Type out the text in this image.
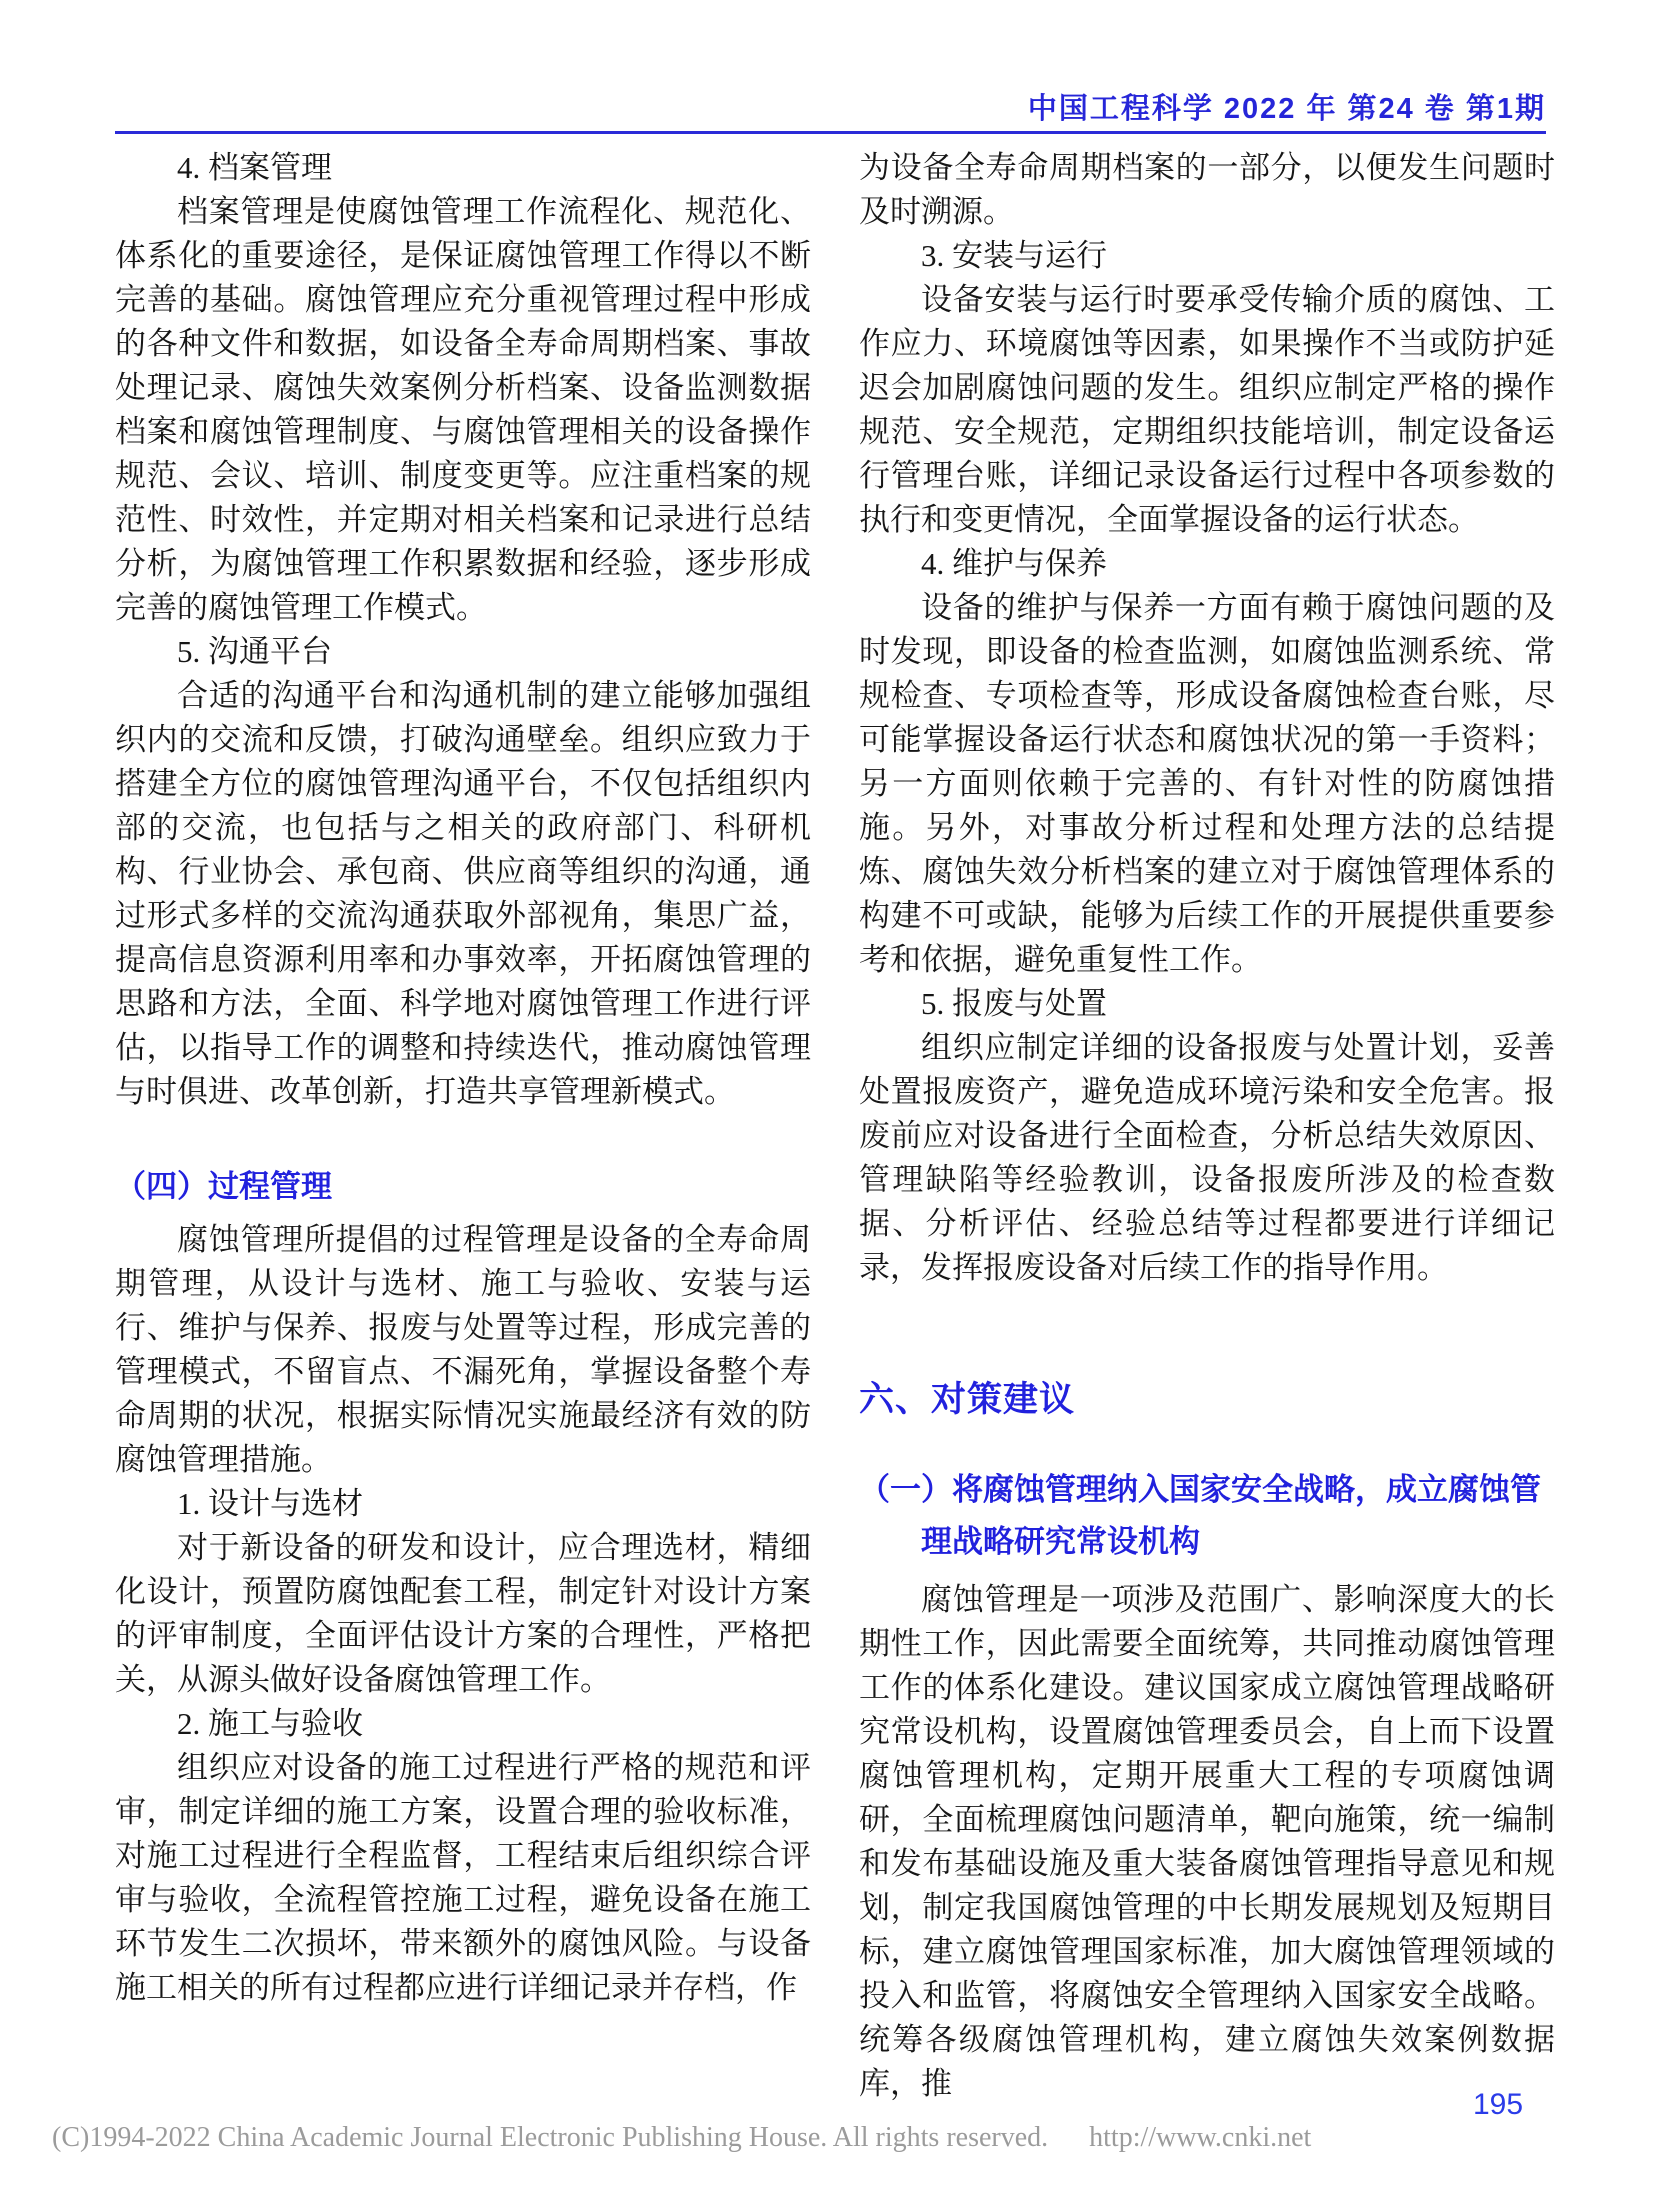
中国工程科学 2022 年 第24 卷 第1期
4. 档案管理

档案管理是使腐蚀管理工作流程化、规范化、体系化的重要途径，是保证腐蚀管理工作得以不断完善的基础。腐蚀管理应充分重视管理过程中形成的各种文件和数据，如设备全寿命周期档案、事故处理记录、腐蚀失效案例分析档案、设备监测数据档案和腐蚀管理制度、与腐蚀管理相关的设备操作规范、会议、培训、制度变更等。应注重档案的规范性、时效性，并定期对相关档案和记录进行总结分析，为腐蚀管理工作积累数据和经验，逐步形成完善的腐蚀管理工作模式。

5. 沟通平台

合适的沟通平台和沟通机制的建立能够加强组织内的交流和反馈，打破沟通壁垒。组织应致力于搭建全方位的腐蚀管理沟通平台，不仅包括组织内部的交流，也包括与之相关的政府部门、科研机构、行业协会、承包商、供应商等组织的沟通，通过形式多样的交流沟通获取外部视角，集思广益，提高信息资源利用率和办事效率，开拓腐蚀管理的思路和方法，全面、科学地对腐蚀管理工作进行评估，以指导工作的调整和持续迭代，推动腐蚀管理与时俱进、改革创新，打造共享管理新模式。

（四）过程管理

腐蚀管理所提倡的过程管理是设备的全寿命周期管理，从设计与选材、施工与验收、安装与运行、维护与保养、报废与处置等过程，形成完善的管理模式，不留盲点、不漏死角，掌握设备整个寿命周期的状况，根据实际情况实施最经济有效的防腐蚀管理措施。

1. 设计与选材

对于新设备的研发和设计，应合理选材，精细化设计，预置防腐蚀配套工程，制定针对设计方案的评审制度，全面评估设计方案的合理性，严格把关，从源头做好设备腐蚀管理工作。

2. 施工与验收

组织应对设备的施工过程进行严格的规范和评审，制定详细的施工方案，设置合理的验收标准，对施工过程进行全程监督，工程结束后组织综合评审与验收，全流程管控施工过程，避免设备在施工环节发生二次损坏，带来额外的腐蚀风险。与设备施工相关的所有过程都应进行详细记录并存档，作

为设备全寿命周期档案的一部分，以便发生问题时及时溯源。

3. 安装与运行

设备安装与运行时要承受传输介质的腐蚀、工作应力、环境腐蚀等因素，如果操作不当或防护延迟会加剧腐蚀问题的发生。组织应制定严格的操作规范、安全规范，定期组织技能培训，制定设备运行管理台账，详细记录设备运行过程中各项参数的执行和变更情况，全面掌握设备的运行状态。

4. 维护与保养

设备的维护与保养一方面有赖于腐蚀问题的及时发现，即设备的检查监测，如腐蚀监测系统、常规检查、专项检查等，形成设备腐蚀检查台账，尽可能掌握设备运行状态和腐蚀状况的第一手资料；另一方面则依赖于完善的、有针对性的防腐蚀措施。另外，对事故分析过程和处理方法的总结提炼、腐蚀失效分析档案的建立对于腐蚀管理体系的构建不可或缺，能够为后续工作的开展提供重要参考和依据，避免重复性工作。

5. 报废与处置

组织应制定详细的设备报废与处置计划，妥善处置报废资产，避免造成环境污染和安全危害。报废前应对设备进行全面检查，分析总结失效原因、管理缺陷等经验教训，设备报废所涉及的检查数据、分析评估、经验总结等过程都要进行详细记录，发挥报废设备对后续工作的指导作用。

六、对策建议
（一）将腐蚀管理纳入国家安全战略，成立腐蚀管理战略研究常设机构

腐蚀管理是一项涉及范围广、影响深度大的长期性工作，因此需要全面统筹，共同推动腐蚀管理工作的体系化建设。建议国家成立腐蚀管理战略研究常设机构，设置腐蚀管理委员会，自上而下设置腐蚀管理机构，定期开展重大工程的专项腐蚀调研，全面梳理腐蚀问题清单，靶向施策，统一编制和发布基础设施及重大装备腐蚀管理指导意见和规划，制定我国腐蚀管理的中长期发展规划及短期目标，建立腐蚀管理国家标准，加大腐蚀管理领域的投入和监管，将腐蚀安全管理纳入国家安全战略。统筹各级腐蚀管理机构，建立腐蚀失效案例数据库，推

195
(C)1994-2022 China Academic Journal Electronic Publishing House. All rights reserved. http://www.cnki.net
